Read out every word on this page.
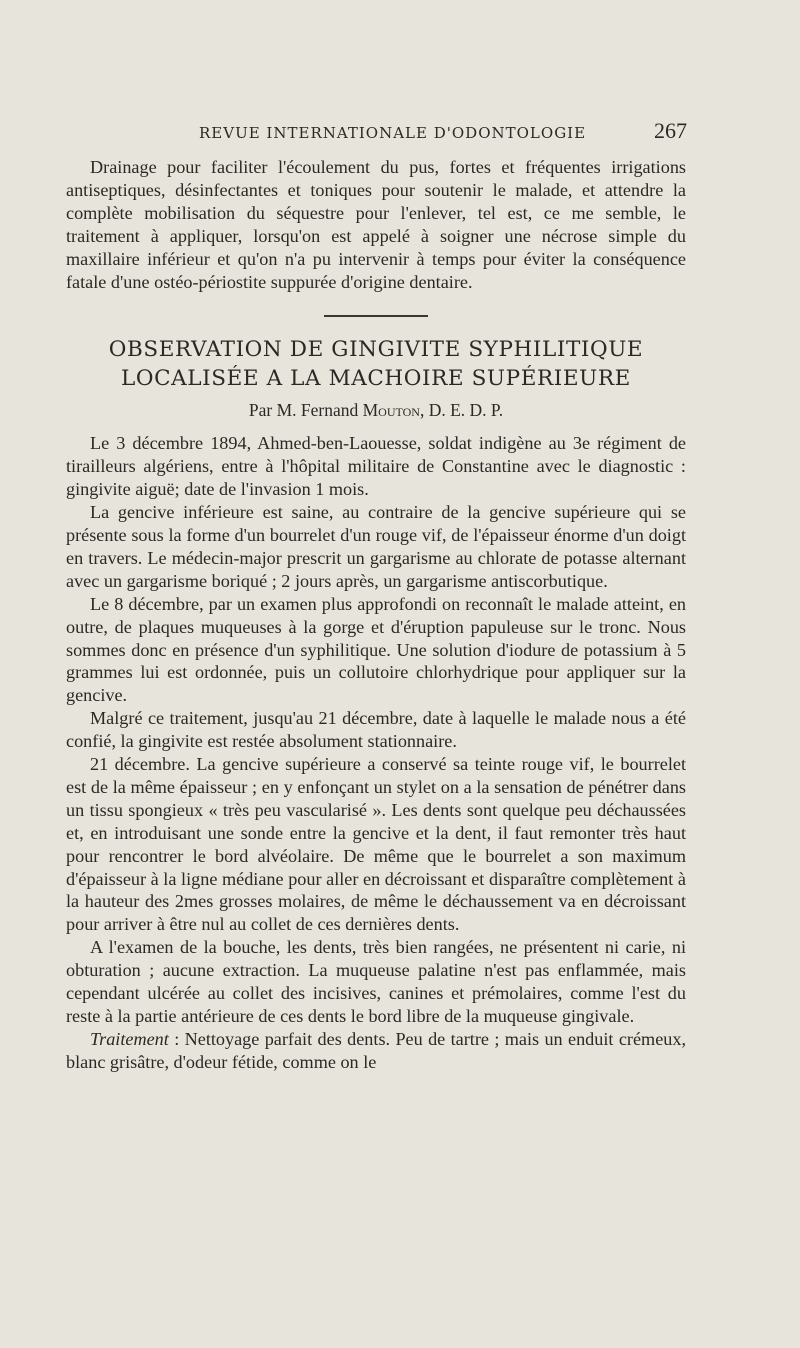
REVUE INTERNATIONALE D'ODONTOLOGIE	267

Drainage pour faciliter l'écoulement du pus, fortes et fréquentes irrigations antiseptiques, désinfectantes et toniques pour soutenir le malade, et attendre la complète mobilisation du séquestre pour l'enlever, tel est, ce me semble, le traitement à appliquer, lorsqu'on est appelé à soigner une nécrose simple du maxillaire inférieur et qu'on n'a pu intervenir à temps pour éviter la conséquence fatale d'une ostéo-périostite suppurée d'origine dentaire.

OBSERVATION DE GINGIVITE SYPHILITIQUE
LOCALISÉE A LA MACHOIRE SUPÉRIEURE
Par M. Fernand Mouton, D. E. D. P.

Le 3 décembre 1894, Ahmed-ben-Laouesse, soldat indigène au 3e régiment de tirailleurs algériens, entre à l'hôpital militaire de Constantine avec le diagnostic : gingivite aiguë; date de l'invasion 1 mois.

La gencive inférieure est saine, au contraire de la gencive supérieure qui se présente sous la forme d'un bourrelet d'un rouge vif, de l'épaisseur énorme d'un doigt en travers. Le médecin-major prescrit un gargarisme au chlorate de potasse alternant avec un gargarisme boriqué ; 2 jours après, un gargarisme antiscorbutique.

Le 8 décembre, par un examen plus approfondi on reconnaît le malade atteint, en outre, de plaques muqueuses à la gorge et d'éruption papuleuse sur le tronc. Nous sommes donc en présence d'un syphilitique. Une solution d'iodure de potassium à 5 grammes lui est ordonnée, puis un collutoire chlorhydrique pour appliquer sur la gencive.

Malgré ce traitement, jusqu'au 21 décembre, date à laquelle le malade nous a été confié, la gingivite est restée absolument stationnaire.

21 décembre. La gencive supérieure a conservé sa teinte rouge vif, le bourrelet est de la même épaisseur ; en y enfonçant un stylet on a la sensation de pénétrer dans un tissu spongieux « très peu vascularisé ». Les dents sont quelque peu déchaussées et, en introduisant une sonde entre la gencive et la dent, il faut remonter très haut pour rencontrer le bord alvéolaire. De même que le bourrelet a son maximum d'épaisseur à la ligne médiane pour aller en décroissant et disparaître complètement à la hauteur des 2mes grosses molaires, de même le déchaussement va en décroissant pour arriver à être nul au collet de ces dernières dents.

A l'examen de la bouche, les dents, très bien rangées, ne présentent ni carie, ni obturation ; aucune extraction. La muqueuse palatine n'est pas enflammée, mais cependant ulcérée au collet des incisives, canines et prémolaires, comme l'est du reste à la partie antérieure de ces dents le bord libre de la muqueuse gingivale.

Traitement : Nettoyage parfait des dents. Peu de tartre ; mais un enduit crémeux, blanc grisâtre, d'odeur fétide, comme on le
